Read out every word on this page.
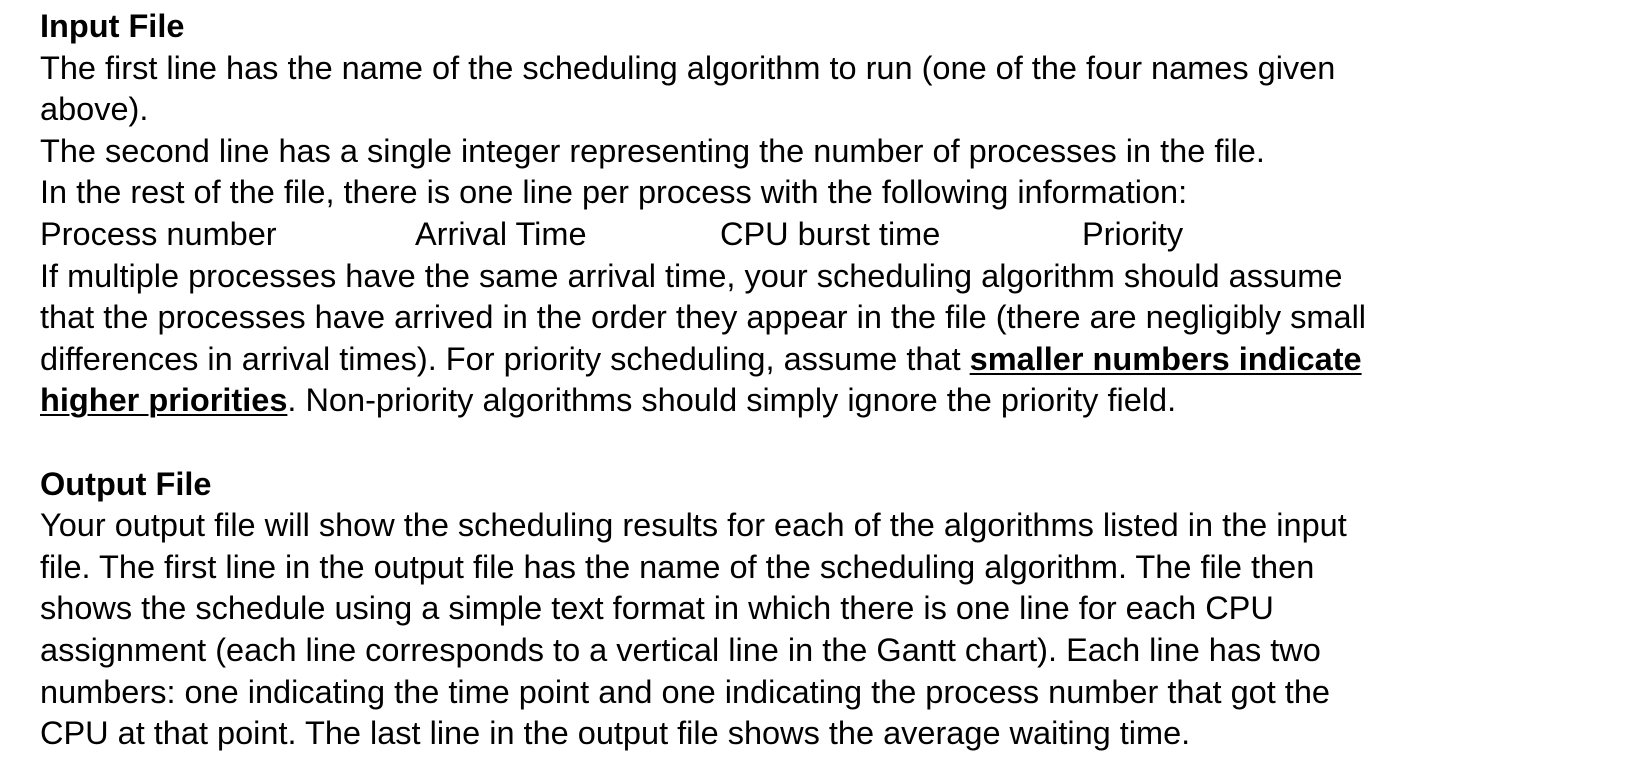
Input File
The first line has the name of the scheduling algorithm to run (one of the four names given
above).
The second line has a single integer representing the number of processes in the file.
In the rest of the file, there is one line per process with the following information:
Process number	Arrival Time	CPU burst time	Priority
If multiple processes have the same arrival time, your scheduling algorithm should assume
that the processes have arrived in the order they appear in the file (there are negligibly small
differences in arrival times). For priority scheduling, assume that smaller numbers indicate
higher priorities. Non-priority algorithms should simply ignore the priority field.
Output File
Your output file will show the scheduling results for each of the algorithms listed in the input
file. The first line in the output file has the name of the scheduling algorithm. The file then
shows the schedule using a simple text format in which there is one line for each CPU
assignment (each line corresponds to a vertical line in the Gantt chart). Each line has two
numbers: one indicating the time point and one indicating the process number that got the
CPU at that point. The last line in the output file shows the average waiting time.
